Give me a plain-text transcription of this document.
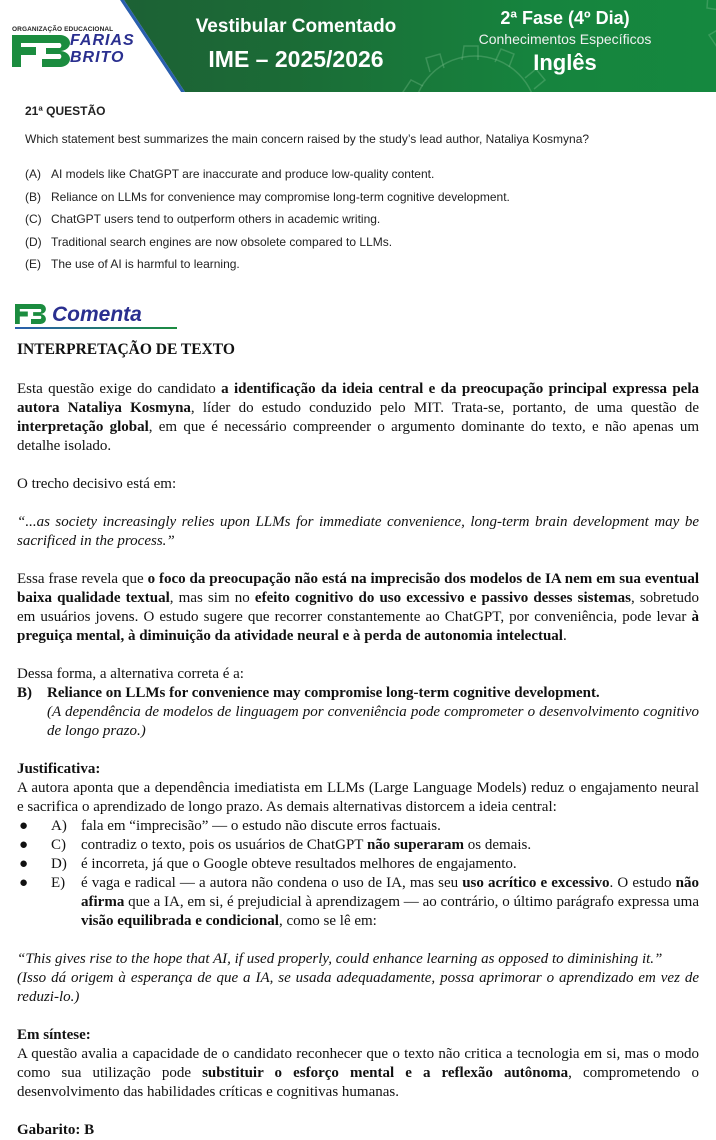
ORGANIZAÇÃO EDUCACIONAL
FARIAS
BRITO
Vestibular Comentado
IME – 2025/2026
2ª Fase (4º Dia)
Conhecimentos Específicos
Inglês
21ª QUESTÃO
Which statement best summarizes the main concern raised by the study’s lead author, Nataliya Kosmyna?
(A) AI models like ChatGPT are inaccurate and produce low-quality content.
(B) Reliance on LLMs for convenience may compromise long-term cognitive development.
(C) ChatGPT users tend to outperform others in academic writing.
(D) Traditional search engines are now obsolete compared to LLMs.
(E) The use of AI is harmful to learning.
Comenta

INTERPRETAÇÃO DE TEXTO

Esta questão exige do candidato a identificação da ideia central e da preocupação principal expressa pela autora Nataliya Kosmyna, líder do estudo conduzido pelo MIT. Trata-se, portanto, de uma questão de interpretação global, em que é necessário compreender o argumento dominante do texto, e não apenas um detalhe isolado.

O trecho decisivo está em:

“...as society increasingly relies upon LLMs for immediate convenience, long-term brain development may be sacrificed in the process.”

Essa frase revela que o foco da preocupação não está na imprecisão dos modelos de IA nem em sua eventual baixa qualidade textual, mas sim no efeito cognitivo do uso excessivo e passivo desses sistemas, sobretudo em usuários jovens. O estudo sugere que recorrer constantemente ao ChatGPT, por conveniência, pode levar à preguiça mental, à diminuição da atividade neural e à perda de autonomia intelectual.

Dessa forma, a alternativa correta é a:

B)	Reliance on LLMs for convenience may compromise long-term cognitive development.

(A dependência de modelos de linguagem por conveniência pode comprometer o desenvolvimento cognitivo de longo prazo.)

Justificativa:

A autora aponta que a dependência imediatista em LLMs (Large Language Models) reduz o engajamento neural e sacrifica o aprendizado de longo prazo. As demais alternativas distorcem a ideia central:

●	A) fala em “imprecisão” — o estudo não discute erros factuais.
●	C)	contradiz o texto, pois os usuários de ChatGPT não superaram os demais.
●	D) é incorreta, já que o Google obteve resultados melhores de engajamento.
●	E)	é vaga e radical — a autora não condena o uso de IA, mas seu uso acrítico e excessivo. O estudo não afirma que a IA, em si, é prejudicial à aprendizagem — ao contrário, o último parágrafo expressa uma visão equilibrada e condicional, como se lê em:

“This gives rise to the hope that AI, if used properly, could enhance learning as opposed to diminishing it.”

(Isso dá origem à esperança de que a IA, se usada adequadamente, possa aprimorar o aprendizado em vez de reduzi-lo.)

Em síntese:

A questão avalia a capacidade de o candidato reconhecer que o texto não critica a tecnologia em si, mas o modo como sua utilização pode substituir o esforço mental e a reflexão autônoma, comprometendo o desenvolvimento das habilidades críticas e cognitivas humanas.

Gabarito: B
